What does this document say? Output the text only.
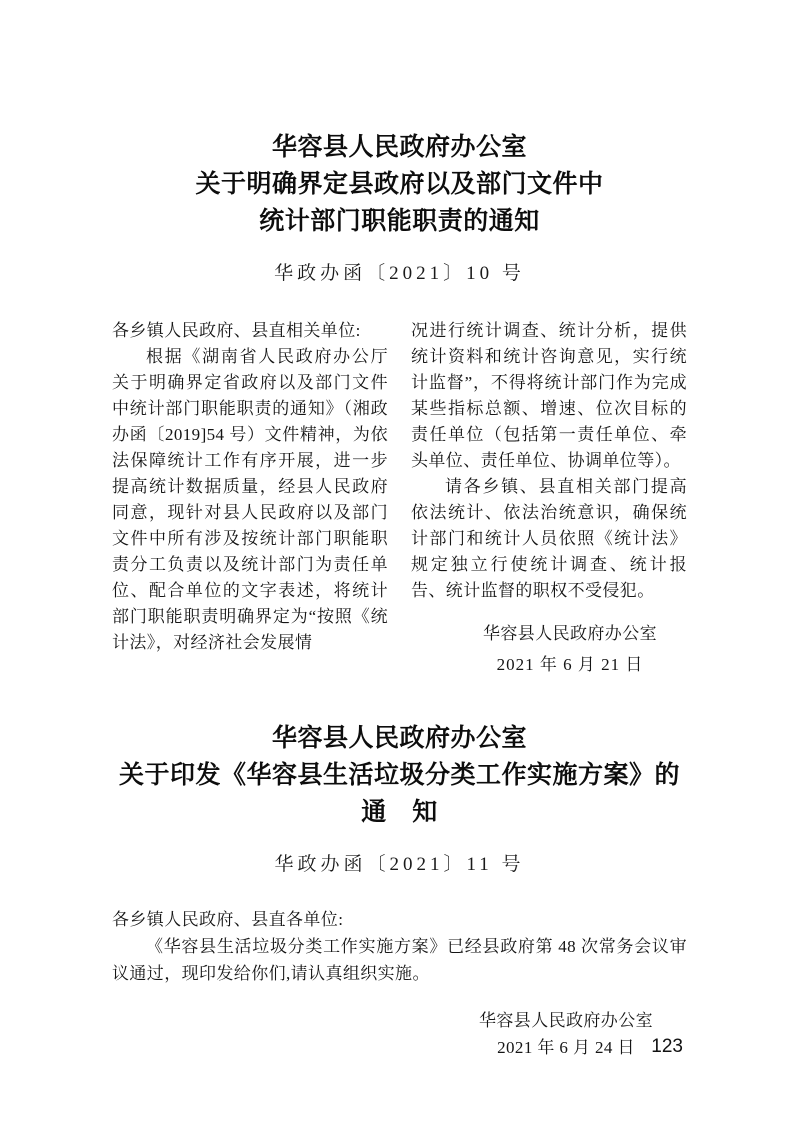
华容县人民政府办公室
关于明确界定县政府以及部门文件中
统计部门职能职责的通知
华政办函〔2021〕10 号

各乡镇人民政府、县直相关单位:

根据《湖南省人民政府办公厅关于明确界定省政府以及部门文件中统计部门职能职责的通知》（湘政办函〔2019]54 号）文件精神，为依法保障统计工作有序开展，进一步提高统计数据质量，经县人民政府同意，现针对县人民政府以及部门文件中所有涉及按统计部门职能职责分工负责以及统计部门为责任单位、配合单位的文字表述，将统计部门职能职责明确界定为“按照《统计法》，对经济社会发展情

况进行统计调查、统计分析，提供统计资料和统计咨询意见，实行统计监督”，不得将统计部门作为完成某些指标总额、增速、位次目标的责任单位（包括第一责任单位、牵头单位、责任单位、协调单位等）。

请各乡镇、县直相关部门提高依法统计、依法治统意识，确保统计部门和统计人员依照《统计法》规定独立行使统计调查、统计报告、统计监督的职权不受侵犯。

华容县人民政府办公室
2021 年 6 月 21 日
华容县人民政府办公室
关于印发《华容县生活垃圾分类工作实施方案》的
通　知
华政办函〔2021〕11 号

各乡镇人民政府、县直各单位:

《华容县生活垃圾分类工作实施方案》已经县政府第 48 次常务会议审议通过，现印发给你们,请认真组织实施。

华容县人民政府办公室
2021 年 6 月 24 日 123
